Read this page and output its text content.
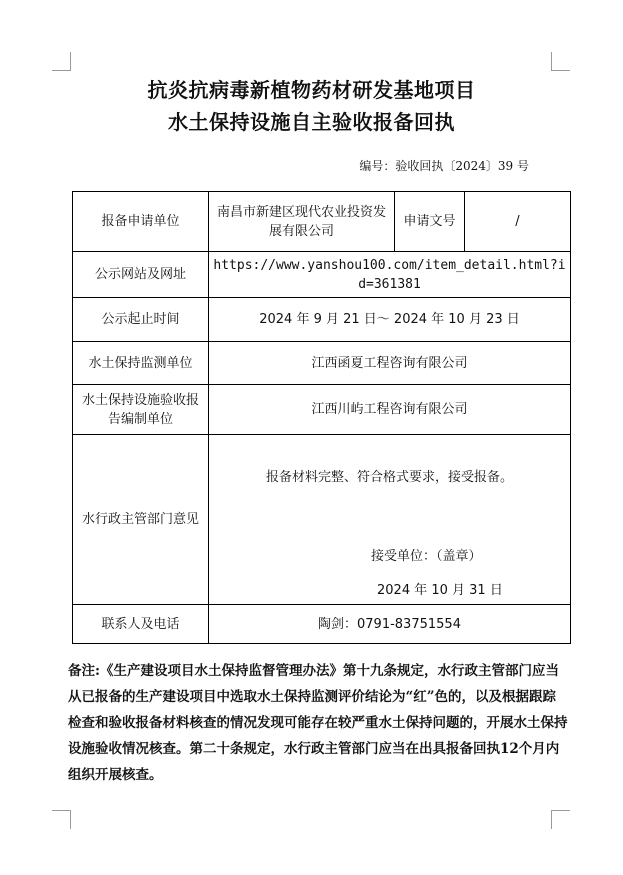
抗炎抗病毒新植物药材研发基地项目
水土保持设施自主验收报备回执
编号：验收回执〔2024〕39 号
报备申请单位	南昌市新建区现代农业投资发展有限公司	申请文号	/
公示网站及网址	https://www.yanshou100.com/item_detail.html?id=361381		
公示起止时间	2024 年 9 月 21 日～ 2024 年 10 月 23 日		
水土保持监测单位	江西函夏工程咨询有限公司		
水土保持设施验收报告编制单位	江西川屿工程咨询有限公司		
水行政主管部门意见	报备材料完整、符合格式要求，接受报备。
接受单位：（盖章）
2024 年 10 月 31 日		

联系人及电话	陶剑：0791-83751554		
备注:《生产建设项目水土保持监督管理办法》第十九条规定，水行政主管部门应当从已报备的生产建设项目中选取水土保持监测评价结论为“红”色的，以及根据跟踪检查和验收报备材料核查的情况发现可能存在较严重水土保持问题的，开展水土保持设施验收情况核查。第二十条规定，水行政主管部门应当在出具报备回执12个月内组织开展核查。
